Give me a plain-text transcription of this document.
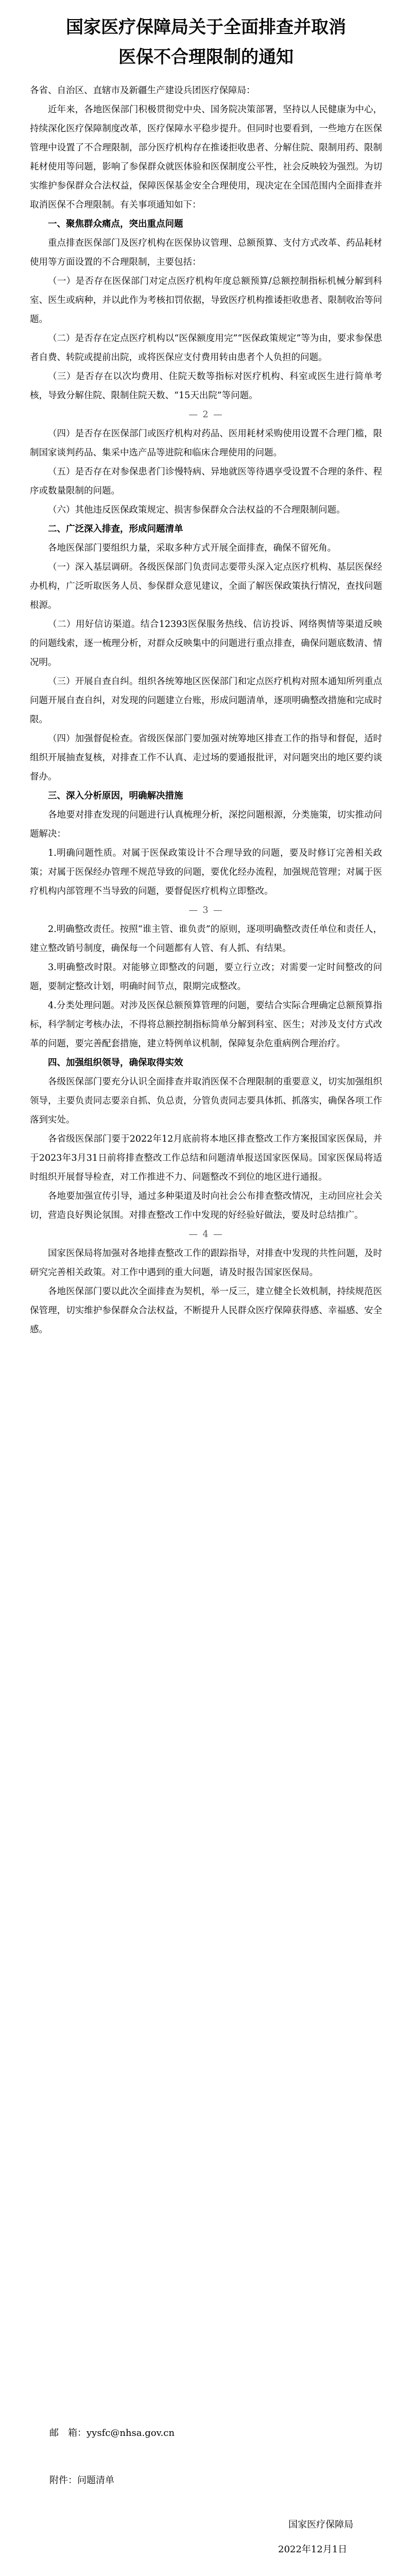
国家医疗保障局关于全面排查并取消
医保不合理限制的通知

各省、自治区、直辖市及新疆生产建设兵团医疗保障局：

近年来，各地医保部门积极贯彻党中央、国务院决策部署，坚持以人民健康为中心，持续深化医疗保障制度改革，医疗保障水平稳步提升。但同时也要看到，一些地方在医保管理中设置了不合理限制，部分医疗机构存在推诿拒收患者、分解住院、限制用药、限制耗材使用等问题，影响了参保群众就医体验和医保制度公平性，社会反映较为强烈。为切实维护参保群众合法权益，保障医保基金安全合理使用，现决定在全国范围内全面排查并取消医保不合理限制。有关事项通知如下：

一、聚焦群众痛点，突出重点问题

重点排查医保部门及医疗机构在医保协议管理、总额预算、支付方式改革、药品耗材使用等方面设置的不合理限制，主要包括：

（一）是否存在医保部门对定点医疗机构年度总额预算/总额控制指标机械分解到科室、医生或病种，并以此作为考核扣罚依据，导致医疗机构推诿拒收患者、限制收治等问题。

（二）是否存在定点医疗机构以“医保额度用完”“医保政策规定”等为由，要求参保患者自费、转院或提前出院，或将医保应支付费用转由患者个人负担的问题。

（三）是否存在以次均费用、住院天数等指标对医疗机构、科室或医生进行简单考核，导致分解住院、限制住院天数、“15天出院”等问题。

— 2 —

（四）是否存在医保部门或医疗机构对药品、医用耗材采购使用设置不合理门槛，限制国家谈判药品、集采中选产品等进院和临床合理使用的问题。

（五）是否存在对参保患者门诊慢特病、异地就医等待遇享受设置不合理的条件、程序或数量限制的问题。

（六）其他违反医保政策规定、损害参保群众合法权益的不合理限制问题。

二、广泛深入排查，形成问题清单

各地医保部门要组织力量，采取多种方式开展全面排查，确保不留死角。

（一）深入基层调研。各级医保部门负责同志要带头深入定点医疗机构、基层医保经办机构，广泛听取医务人员、参保群众意见建议，全面了解医保政策执行情况，查找问题根源。

（二）用好信访渠道。结合12393医保服务热线、信访投诉、网络舆情等渠道反映的问题线索，逐一梳理分析，对群众反映集中的问题进行重点排查，确保问题底数清、情况明。

（三）开展自查自纠。组织各统筹地区医保部门和定点医疗机构对照本通知所列重点问题开展自查自纠，对发现的问题建立台账，形成问题清单，逐项明确整改措施和完成时限。

（四）加强督促检查。省级医保部门要加强对统筹地区排查工作的指导和督促，适时组织开展抽查复核，对排查工作不认真、走过场的要通报批评，对问题突出的地区要约谈督办。

三、深入分析原因，明确解决措施

各地要对排查发现的问题进行认真梳理分析，深挖问题根源，分类施策，切实推动问题解决：

1.明确问题性质。对属于医保政策设计不合理导致的问题，要及时修订完善相关政策；对属于医保经办管理不规范导致的问题，要优化经办流程，加强规范管理；对属于医疗机构内部管理不当导致的问题，要督促医疗机构立即整改。

— 3 —

2.明确整改责任。按照“谁主管、谁负责”的原则，逐项明确整改责任单位和责任人，建立整改销号制度，确保每一个问题都有人管、有人抓、有结果。

3.明确整改时限。对能够立即整改的问题，要立行立改；对需要一定时间整改的问题，要制定整改计划，明确时间节点，限期完成整改。

4.分类处理问题。对涉及医保总额预算管理的问题，要结合实际合理确定总额预算指标，科学制定考核办法，不得将总额控制指标简单分解到科室、医生；对涉及支付方式改革的问题，要完善配套措施，建立特例单议机制，保障复杂危重病例合理治疗。

四、加强组织领导，确保取得实效

各级医保部门要充分认识全面排查并取消医保不合理限制的重要意义，切实加强组织领导，主要负责同志要亲自抓、负总责，分管负责同志要具体抓、抓落实，确保各项工作落到实处。

各省级医保部门要于2022年12月底前将本地区排查整改工作方案报国家医保局，并于2023年3月31日前将排查整改工作总结和问题清单报送国家医保局。国家医保局将适时组织开展督导检查，对工作推进不力、问题整改不到位的地区进行通报。

各地要加强宣传引导，通过多种渠道及时向社会公布排查整改情况，主动回应社会关切，营造良好舆论氛围。对排查整改工作中发现的好经验好做法，要及时总结推广。

— 4 —

国家医保局将加强对各地排查整改工作的跟踪指导，对排查中发现的共性问题，及时研究完善相关政策。对工作中遇到的重大问题，请及时报告国家医保局。

各地医保部门要以此次全面排查为契机，举一反三，建立健全长效机制，持续规范医保管理，切实维护参保群众合法权益，不断提升人民群众医疗保障获得感、幸福感、安全感。

邮　箱：yysfc@nhsa.gov.cn
附件：问题清单
国家医疗保障局
2022年12月1日
